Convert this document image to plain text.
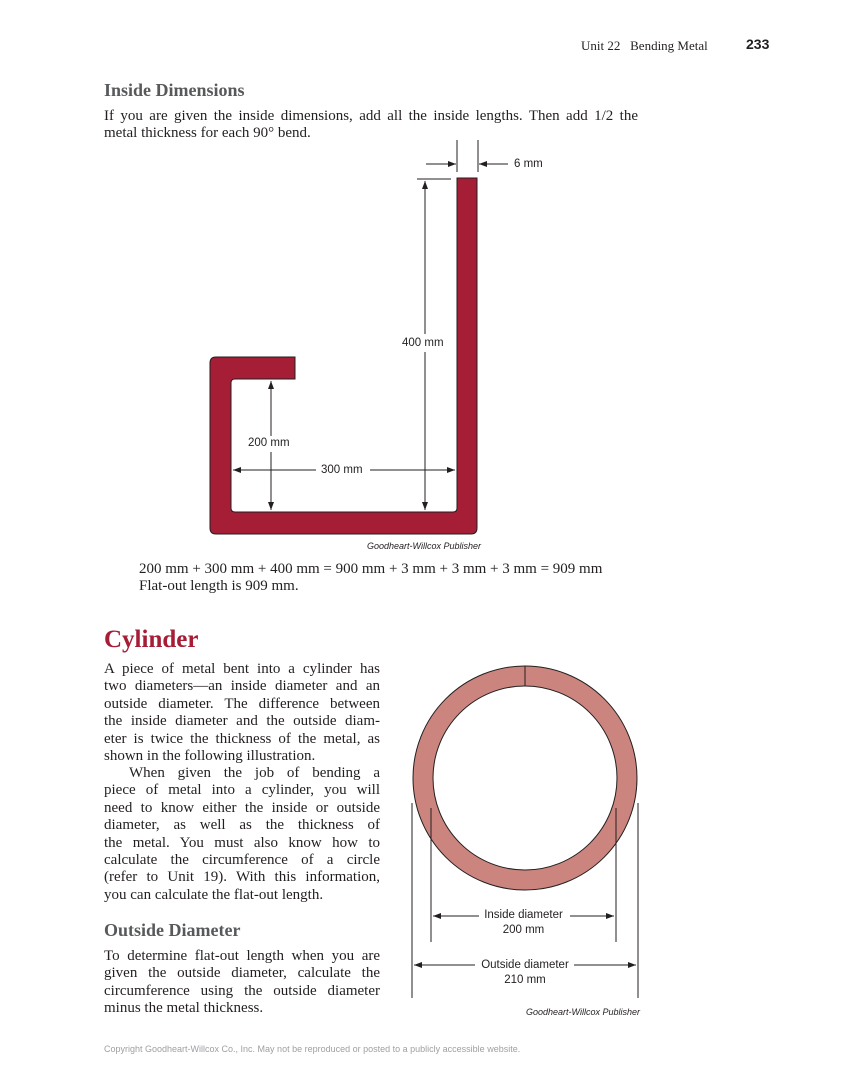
Unit 22 Bending Metal	233
Inside Dimensions
If you are given the inside dimensions, add all the inside lengths. Then add 1/2 the
metal thickness for each 90° bend.
6 mm
400 mm
200 mm
300 mm
Goodheart-Willcox Publisher
200 mm + 300 mm + 400 mm = 900 mm + 3 mm + 3 mm + 3 mm = 909 mm
Flat-out length is 909 mm.
Cylinder
A piece of metal bent into a cylinder has
two diameters—an inside diameter and an
outside diameter. The difference between
the inside diameter and the outside diam-
eter is twice the thickness of the metal, as
shown in the following illustration.
When given the job of bending a
piece of metal into a cylinder, you will
need to know either the inside or outside
diameter, as well as the thickness of
the metal. You must also know how to
calculate the circumference of a circle
(refer to Unit 19). With this information,
you can calculate the flat-out length.
Outside Diameter
To determine flat-out length when you are
given the outside diameter, calculate the
circumference using the outside diameter
minus the metal thickness.
Inside diameter
200 mm
Outside diameter
210 mm
Goodheart-Willcox Publisher
Copyright Goodheart-Willcox Co., Inc. May not be reproduced or posted to a publicly accessible website.
